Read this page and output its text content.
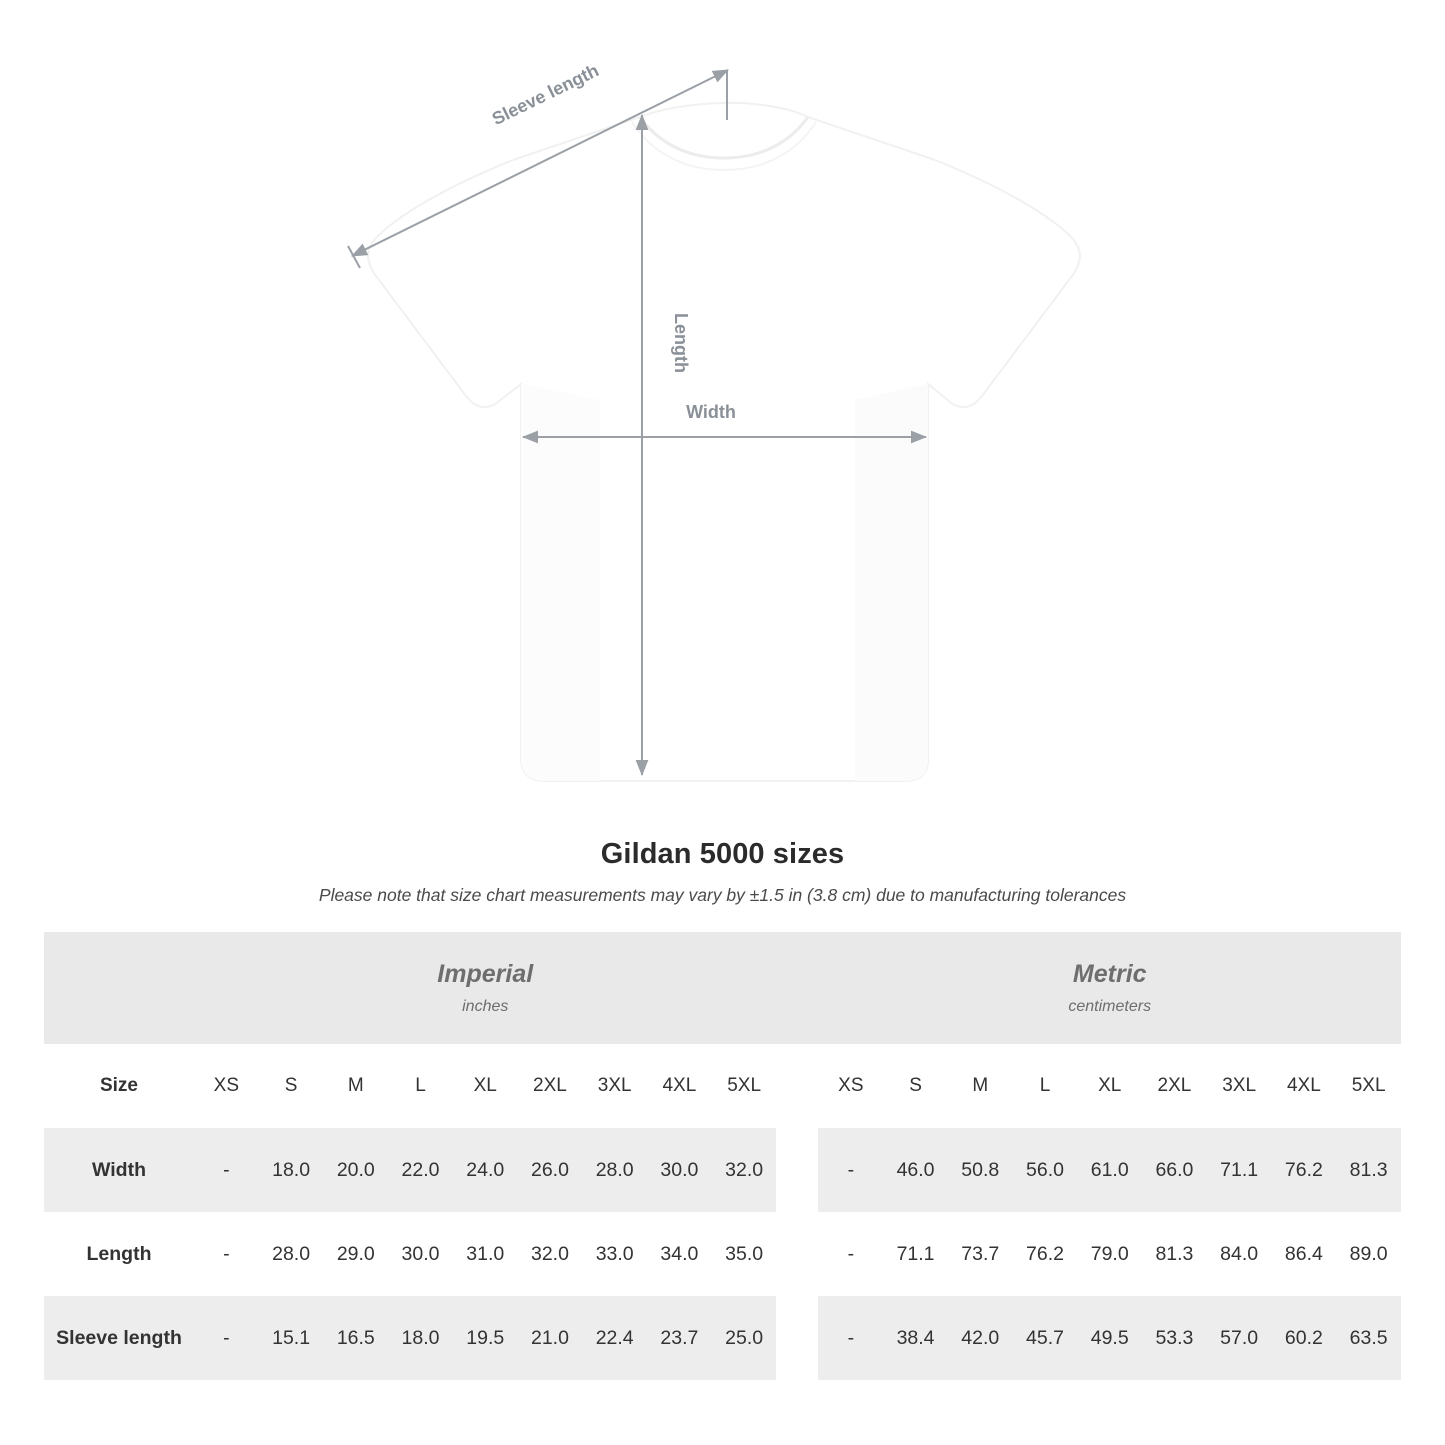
Sleeve length
Length
Width
Gildan 5000 sizes
Please note that size chart measurements may vary by ±1.5 in (3.8 cm) due to manufacturing tolerances

	Imperial
inches										Metric
centimeters								

Size	XS	S	M	L	XL	2XL	3XL	4XL	5XL		XS	S	M	L	XL	2XL	3XL	4XL	5XL
Width	-	18.0	20.0	22.0	24.0	26.0	28.0	30.0	32.0		-	46.0	50.8	56.0	61.0	66.0	71.1	76.2	81.3
Length	-	28.0	29.0	30.0	31.0	32.0	33.0	34.0	35.0		-	71.1	73.7	76.2	79.0	81.3	84.0	86.4	89.0
Sleeve length	-	15.1	16.5	18.0	19.5	21.0	22.4	23.7	25.0		-	38.4	42.0	45.7	49.5	53.3	57.0	60.2	63.5
